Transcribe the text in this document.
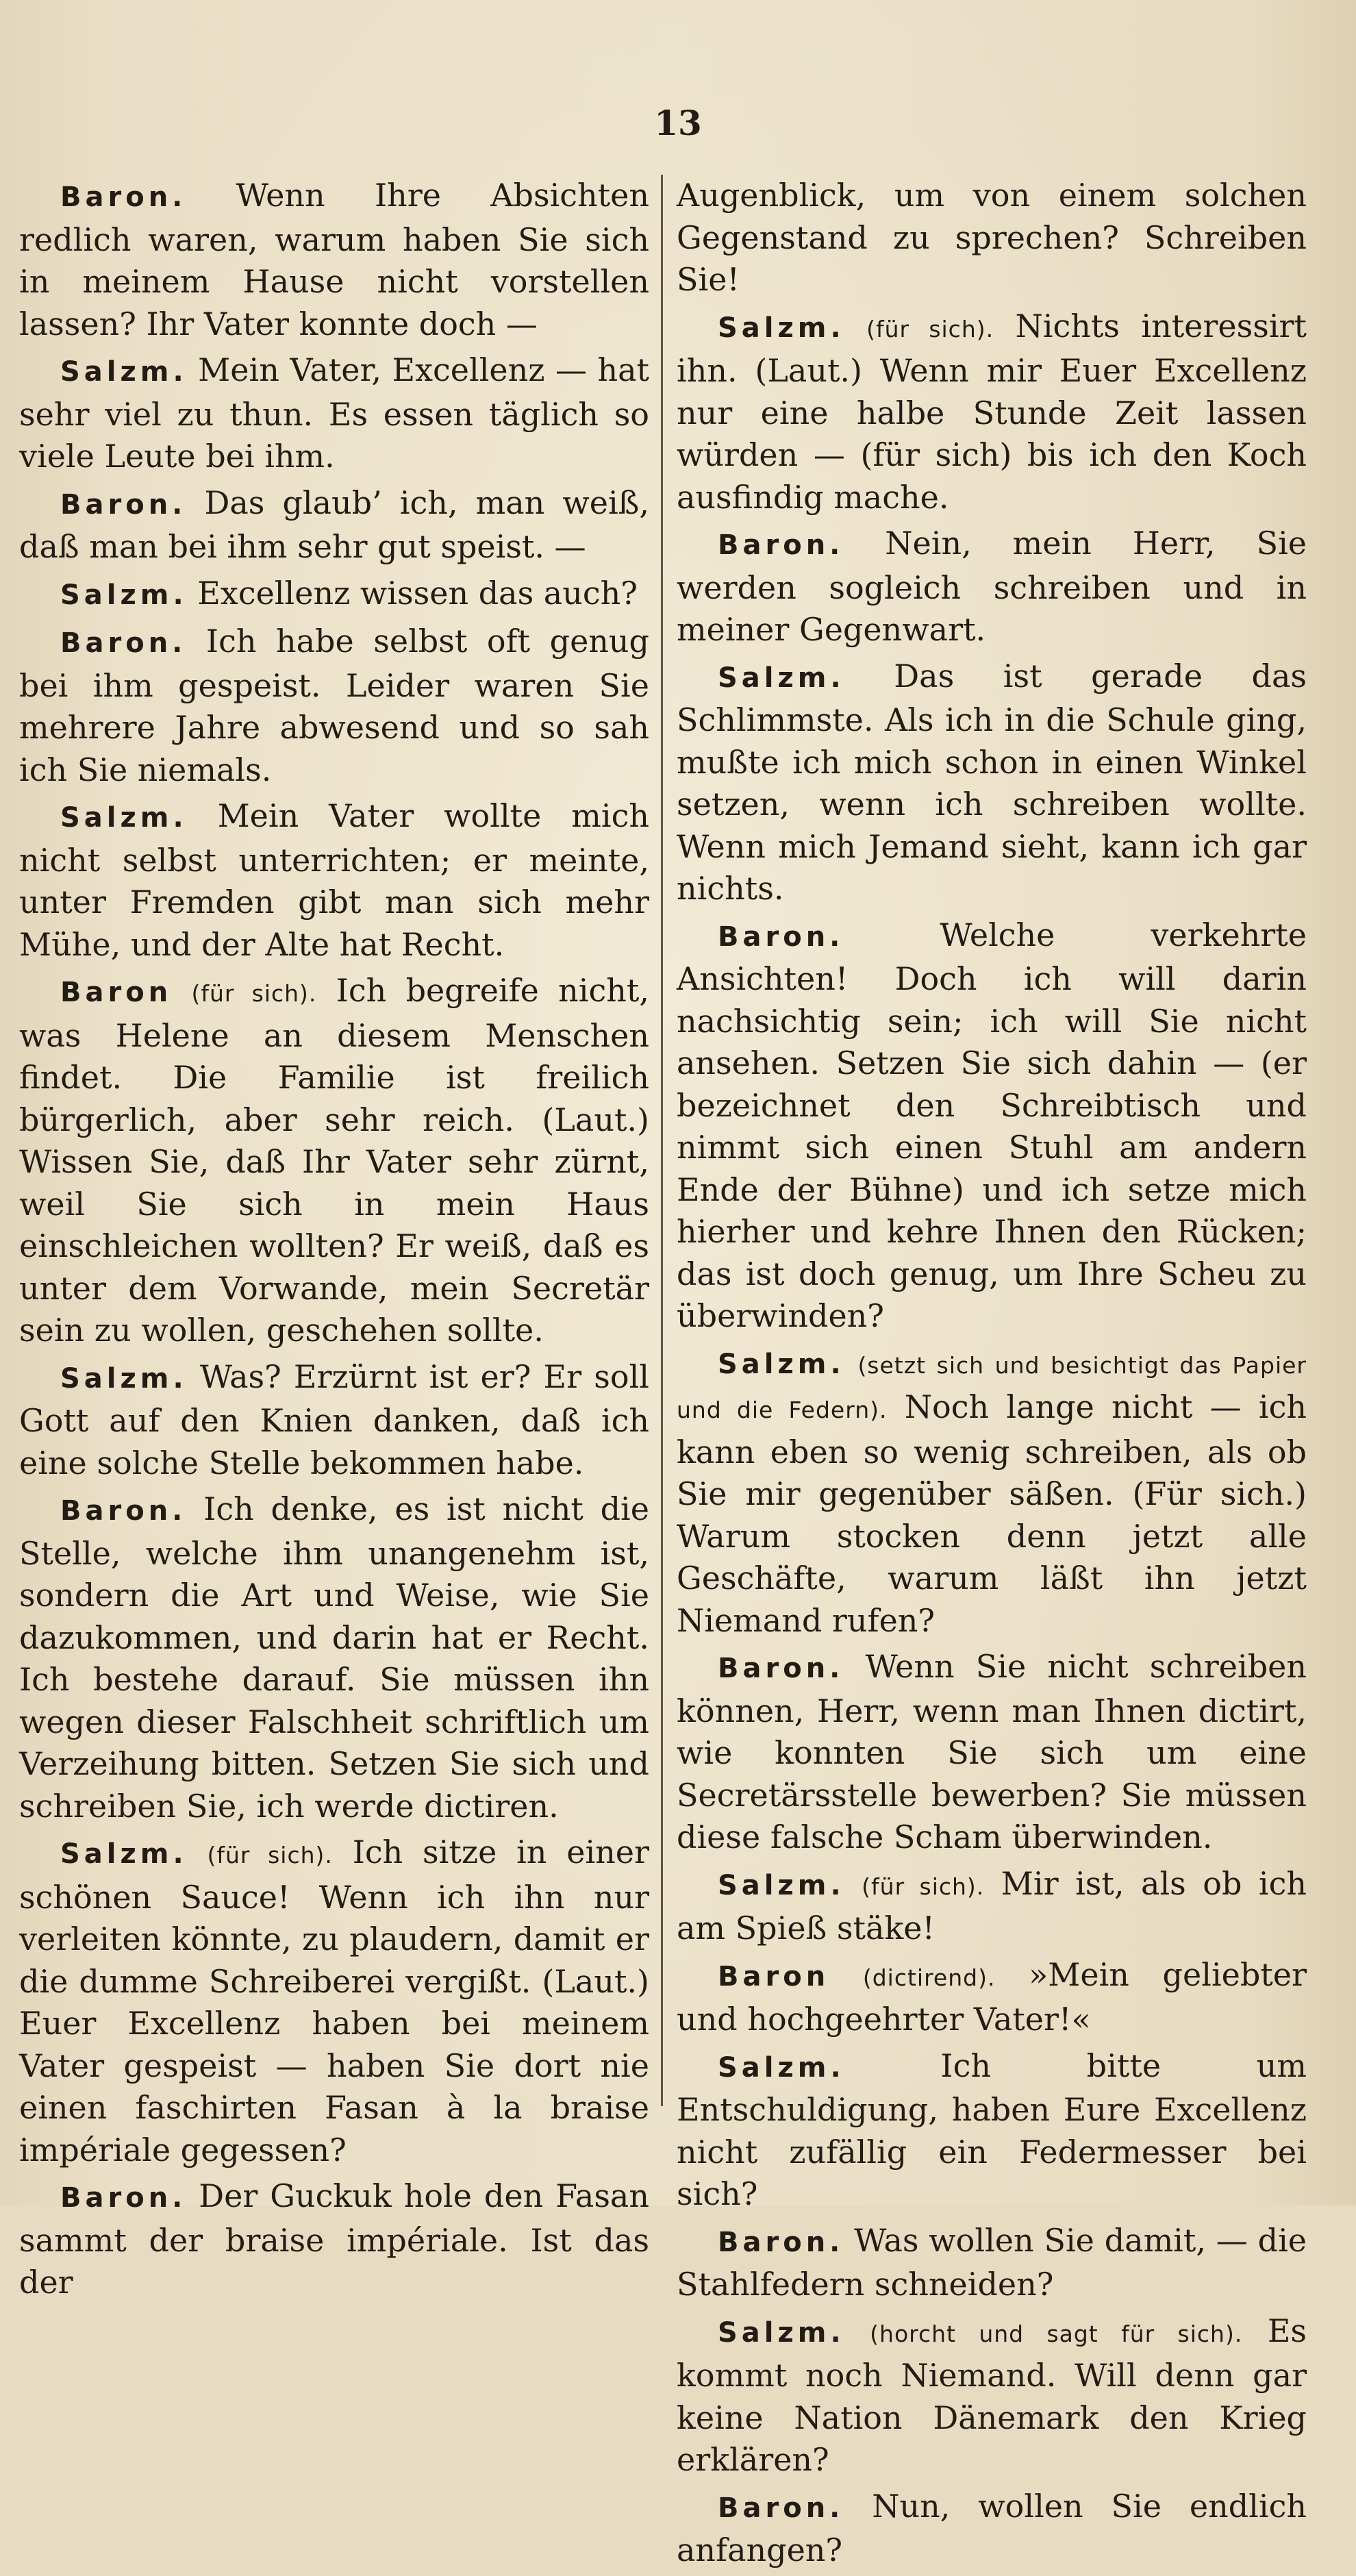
13

Baron. Wenn Ihre Absichten redlich waren, warum haben Sie sich in meinem Hause nicht vorstellen lassen? Ihr Vater konnte doch —

Salzm. Mein Vater, Excellenz — hat sehr viel zu thun. Es essen täglich so viele Leute bei ihm.

Baron. Das glaub’ ich, man weiß, daß man bei ihm sehr gut speist. —

Salzm. Excellenz wissen das auch?

Baron. Ich habe selbst oft genug bei ihm gespeist. Leider waren Sie mehrere Jahre abwesend und so sah ich Sie niemals.

Salzm. Mein Vater wollte mich nicht selbst unterrichten; er meinte, unter Fremden gibt man sich mehr Mühe, und der Alte hat Recht.

Baron (für sich). Ich begreife nicht, was Helene an diesem Menschen findet. Die Familie ist freilich bürgerlich, aber sehr reich. (Laut.) Wissen Sie, daß Ihr Vater sehr zürnt, weil Sie sich in mein Haus einschleichen wollten? Er weiß, daß es unter dem Vorwande, mein Secretär sein zu wollen, geschehen sollte.

Salzm. Was? Erzürnt ist er? Er soll Gott auf den Knien danken, daß ich eine solche Stelle bekommen habe.

Baron. Ich denke, es ist nicht die Stelle, welche ihm unangenehm ist, sondern die Art und Weise, wie Sie dazukommen, und darin hat er Recht. Ich bestehe darauf. Sie müssen ihn wegen dieser Falschheit schriftlich um Verzeihung bitten. Setzen Sie sich und schreiben Sie, ich werde dictiren.

Salzm. (für sich). Ich sitze in einer schönen Sauce! Wenn ich ihn nur verleiten könnte, zu plaudern, damit er die dumme Schreiberei vergißt. (Laut.) Euer Excellenz haben bei meinem Vater gespeist — haben Sie dort nie einen faschirten Fasan à la braise impériale gegessen?

Baron. Der Guckuk hole den Fasan sammt der braise impériale. Ist das der

Augenblick, um von einem solchen Gegenstand zu sprechen? Schreiben Sie!

Salzm. (für sich). Nichts interessirt ihn. (Laut.) Wenn mir Euer Excellenz nur eine halbe Stunde Zeit lassen würden — (für sich) bis ich den Koch ausfindig mache.

Baron. Nein, mein Herr, Sie werden sogleich schreiben und in meiner Gegenwart.

Salzm. Das ist gerade das Schlimmste. Als ich in die Schule ging, mußte ich mich schon in einen Winkel setzen, wenn ich schreiben wollte. Wenn mich Jemand sieht, kann ich gar nichts.

Baron.	Welche verkehrte Ansichten! Doch ich will darin nachsichtig sein; ich will Sie nicht ansehen. Setzen Sie sich dahin — (er bezeichnet den Schreibtisch und nimmt sich einen Stuhl am andern Ende der Bühne) und ich setze mich hierher und kehre Ihnen den Rücken; das ist doch genug, um Ihre Scheu zu überwinden?

Salzm. (setzt sich und besichtigt das Papier und die Federn). Noch lange nicht — ich kann eben so wenig schreiben, als ob Sie mir gegenüber säßen. (Für sich.) Warum stocken denn jetzt alle Geschäfte, warum läßt ihn jetzt Niemand rufen?

Baron. Wenn Sie nicht schreiben können, Herr, wenn man Ihnen dictirt, wie konnten Sie sich um eine Secretärsstelle bewerben? Sie müssen diese falsche Scham überwinden.

Salzm. (für sich). Mir ist, als ob ich am Spieß stäke!

Baron (dictirend). »Mein geliebter und hochgeehrter Vater!«

Salzm.	Ich bitte um Entschuldigung, haben Eure Excellenz nicht zufällig ein Federmesser bei sich?

Baron. Was wollen Sie damit, — die Stahlfedern schneiden?

Salzm. (horcht und sagt für sich). Es kommt noch Niemand. Will denn gar keine Nation Dänemark den Krieg erklären?

Baron. Nun, wollen Sie endlich anfangen?
